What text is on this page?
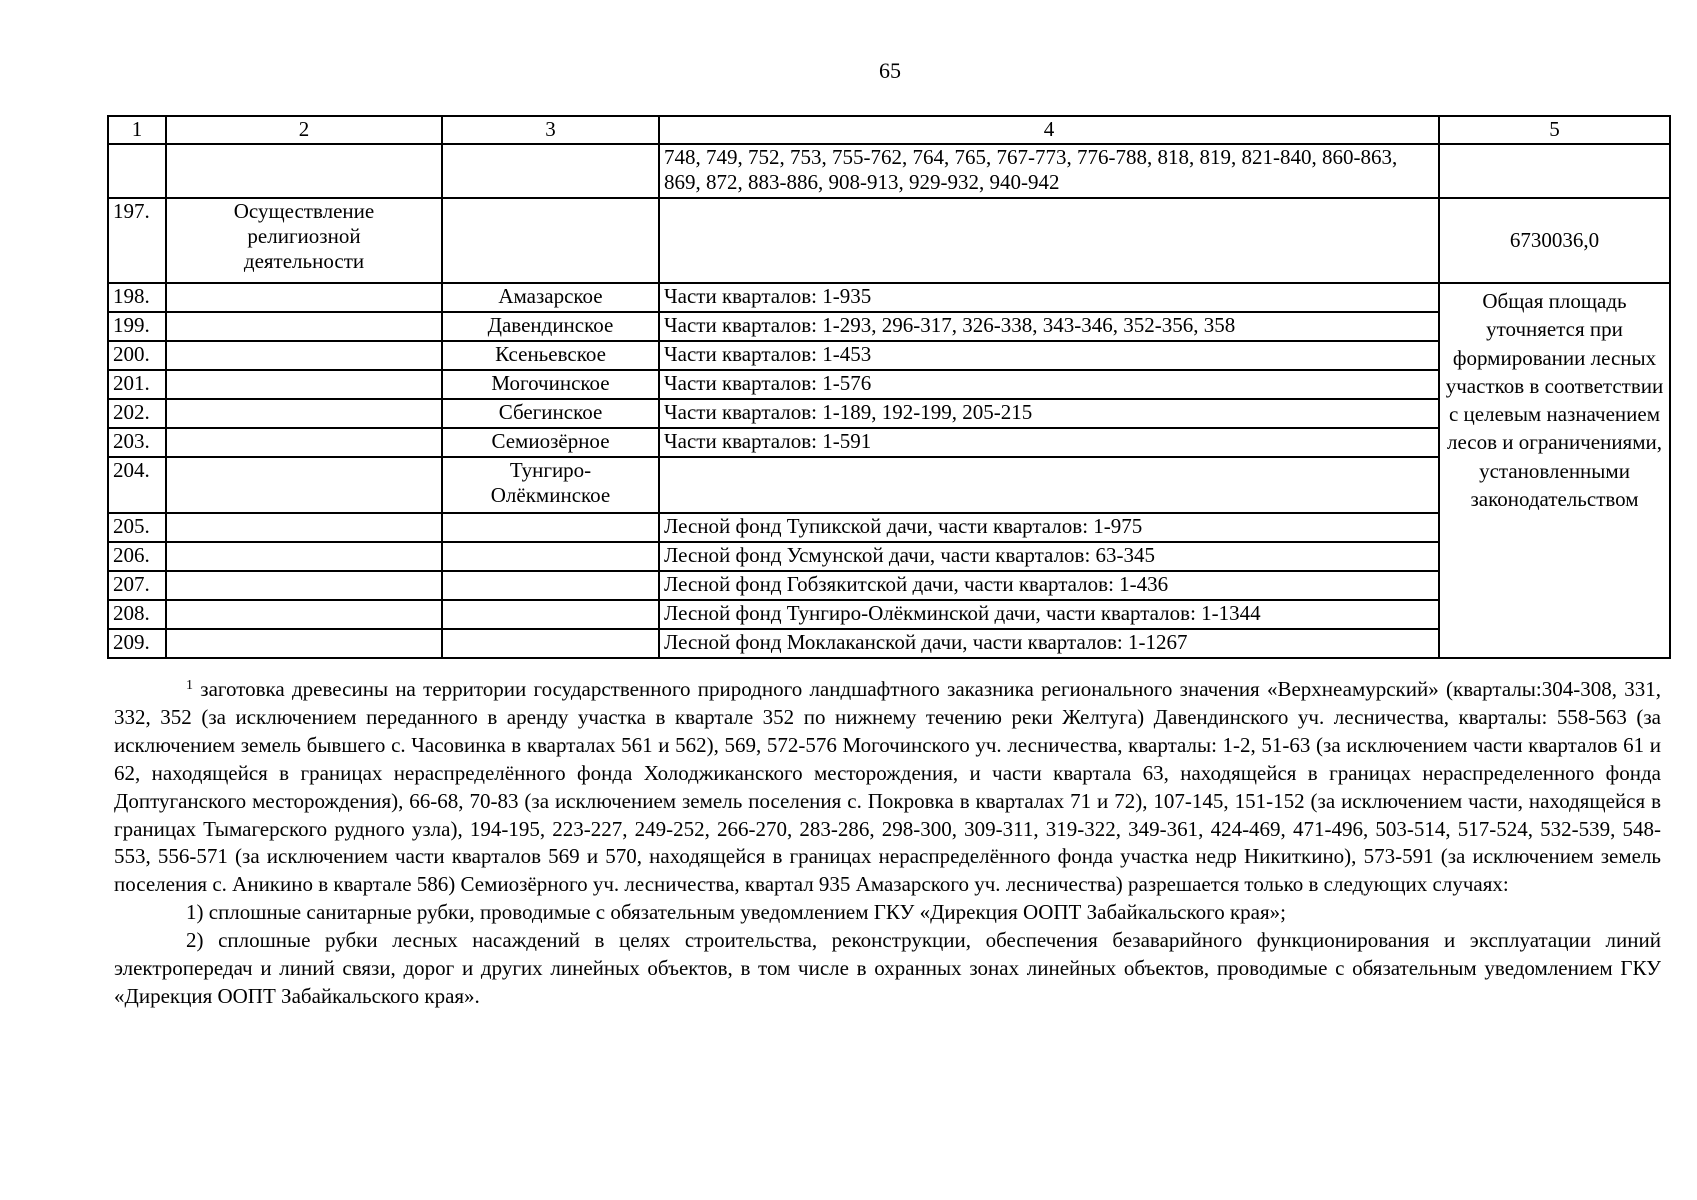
65
1	2	3	4	5
			748, 749, 752, 753, 755-762, 764, 765, 767-773, 776-788, 818, 819, 821-840, 860-863, 869, 872, 883-886, 908-913, 929-932, 940-942	
197.	Осуществление религиозной деятельности			6730036,0
198.		Амазарское	Части кварталов: 1-935	Общая площадь уточняется при формировании лесных участков в соответствии с целевым назначением лесов и ограничениями, установленными законодательством
199.		Давендинское	Части кварталов: 1-293, 296-317, 326-338, 343-346, 352-356, 358	
200.		Ксеньевское	Части кварталов: 1-453	
201.		Могочинское	Части кварталов: 1-576	
202.		Сбегинское	Части кварталов: 1-189, 192-199, 205-215	
203.		Семиозёрное	Части кварталов: 1-591	
204.		Тунгиро-Олёкминское		
205.			Лесной фонд Тупикской дачи, части кварталов: 1-975	
206.			Лесной фонд Усмунской дачи, части кварталов: 63-345	
207.			Лесной фонд Гобзякитской дачи, части кварталов: 1-436	
208.			Лесной фонд Тунгиро-Олёкминской дачи, части кварталов: 1-1344	
209.			Лесной фонд Моклаканской дачи, части кварталов: 1-1267	

$^1$ заготовка древесины на территории государственного природного ландшафтного заказника регионального значения «Верхнеамурский» (кварталы:304-308, 331, 332, 352 (за исключением переданного в аренду участка в квартале 352 по нижнему течению реки Желтуга) Давендинского уч. лесничества, кварталы: 558-563 (за исключением земель бывшего с. Часовинка в кварталах 561 и 562), 569, 572-576 Могочинского уч. лесничества, кварталы: 1-2, 51-63 (за исключением части кварталов 61 и 62, находящейся в границах нераспределённого фонда Холоджиканского месторождения, и части квартала 63, находящейся в границах нераспределенного фонда Доптуганского месторождения), 66-68, 70-83 (за исключением земель поселения с. Покровка в кварталах 71 и 72), 107-145, 151-152 (за исключением части, находящейся в границах Тымагерского рудного узла), 194-195, 223-227, 249-252, 266-270, 283-286, 298-300, 309-311, 319-322, 349-361, 424-469, 471-496, 503-514, 517-524, 532-539, 548-553, 556-571 (за исключением части кварталов 569 и 570, находящейся в границах нераспределённого фонда участка недр Никиткино), 573-591 (за исключением земель поселения с. Аникино в квартале 586) Семиозёрного уч. лесничества, квартал 935 Амазарского уч. лесничества) разрешается только в следующих случаях:

1) сплошные санитарные рубки, проводимые с обязательным уведомлением ГКУ «Дирекция ООПТ Забайкальского края»;

2) сплошные рубки лесных насаждений в целях строительства, реконструкции, обеспечения безаварийного функционирования и эксплуатации линий электропередач и линий связи, дорог и других линейных объектов, в том числе в охранных зонах линейных объектов, проводимые с обязательным уведомлением ГКУ «Дирекция ООПТ Забайкальского края».
